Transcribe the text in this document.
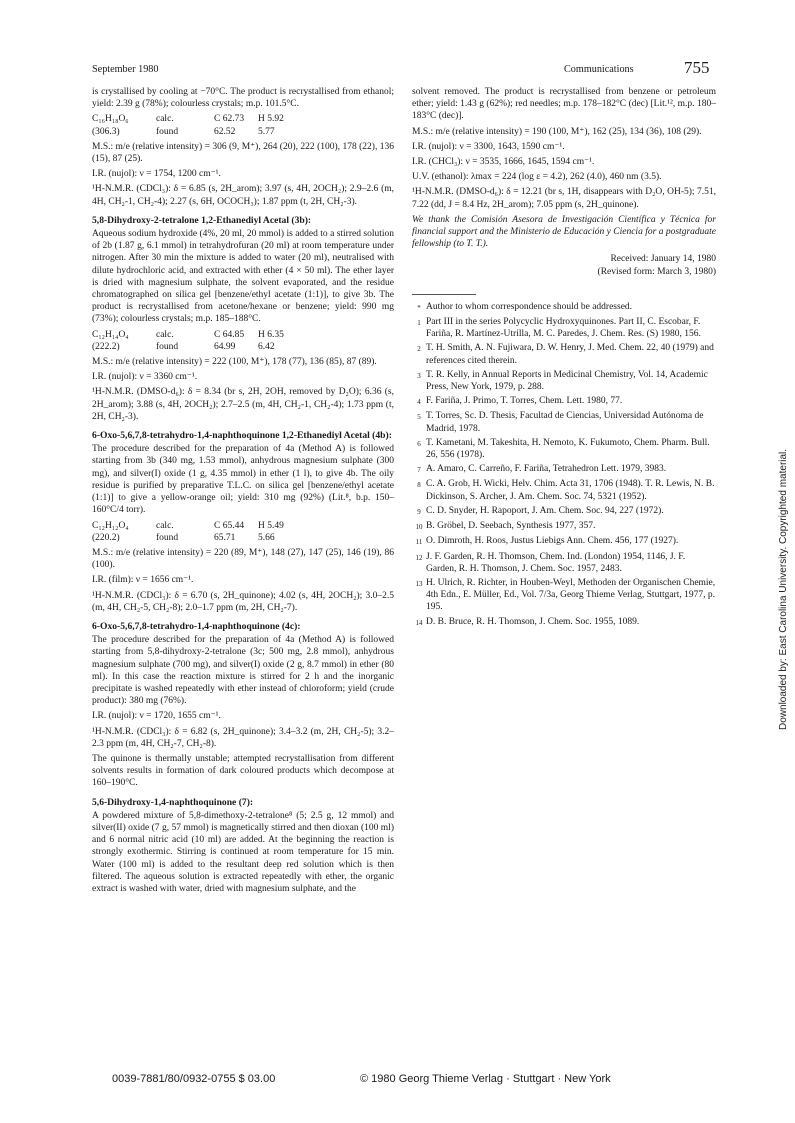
September 1980	Communications	755

is crystallised by cooling at −70°C. The product is recrystallised from ethanol; yield: 2.39 g (78%); colourless crystals; m.p. 101.5°C.

C₁₆H₁₈O₆	calc.	C 62.73	H 5.92
(306.3)	found	62.52	5.77

M.S.: m/e (relative intensity) = 306 (9, M⁺), 264 (20), 222 (100), 178 (22), 136 (15), 87 (25).

I.R. (nujol): ν = 1754, 1200 cm⁻¹.

¹H-N.M.R. (CDCl₃): δ = 6.85 (s, 2H_arom); 3.97 (s, 4H, 2OCH₂); 2.9–2.6 (m, 4H, CH₂-1, CH₂-4); 2.27 (s, 6H, OCOCH₃); 1.87 ppm (t, 2H, CH₂-3).

5,8-Dihydroxy-2-tetralone 1,2-Ethanediyl Acetal (3b):

Aqueous sodium hydroxide (4%, 20 ml, 20 mmol) is added to a stirred solution of 2b (1.87 g, 6.1 mmol) in tetrahydrofuran (20 ml) at room temperature under nitrogen. After 30 min the mixture is added to water (20 ml), neutralised with dilute hydrochloric acid, and extracted with ether (4 × 50 ml). The ether layer is dried with magnesium sulphate, the solvent evaporated, and the residue chromatographed on silica gel [benzene/ethyl acetate (1:1)], to give 3b. The product is recrystallised from acetone/hexane or benzene; yield: 990 mg (73%); colourless crystals; m.p. 185–188°C.

C₁₂H₁₄O₄	calc.	C 64.85	H 6.35
(222.2)	found	64.99	6.42

M.S.: m/e (relative intensity) = 222 (100, M⁺), 178 (77), 136 (85), 87 (89).

I.R. (nujol): ν = 3360 cm⁻¹.

¹H-N.M.R. (DMSO-d₆): δ = 8.34 (br s, 2H, 2OH, removed by D₂O); 6.36 (s, 2H_arom); 3.88 (s, 4H, 2OCH₂); 2.7–2.5 (m, 4H, CH₂-1, CH₂-4); 1.73 ppm (t, 2H, CH₂-3).

6-Oxo-5,6,7,8-tetrahydro-1,4-naphthoquinone 1,2-Ethanediyl Acetal (4b):

The procedure described for the preparation of 4a (Method A) is followed starting from 3b (340 mg, 1.53 mmol), anhydrous magnesium sulphate (300 mg), and silver(I) oxide (1 g, 4.35 mmol) in ether (1 l), to give 4b. The oily residue is purified by preparative T.L.C. on silica gel [benzene/ethyl acetate (1:1)] to give a yellow-orange oil; yield: 310 mg (92%) (Lit.⁸, b.p. 150–160°C/4 torr).

C₁₂H₁₂O₄	calc.	C 65.44	H 5.49
(220.2)	found	65.71	5.66

M.S.: m/e (relative intensity) = 220 (89, M⁺), 148 (27), 147 (25), 146 (19), 86 (100).

I.R. (film): ν = 1656 cm⁻¹.

¹H-N.M.R. (CDCl₃): δ = 6.70 (s, 2H_quinone); 4.02 (s, 4H, 2OCH₂); 3.0–2.5 (m, 4H, CH₂-5, CH₂-8); 2.0–1.7 ppm (m, 2H, CH₂-7).

6-Oxo-5,6,7,8-tetrahydro-1,4-naphthoquinone (4c):

The procedure described for the preparation of 4a (Method A) is followed starting from 5,8-dihydroxy-2-tetralone (3c; 500 mg, 2.8 mmol), anhydrous magnesium sulphate (700 mg), and silver(I) oxide (2 g, 8.7 mmol) in ether (80 ml). In this case the reaction mixture is stirred for 2 h and the inorganic precipitate is washed repeatedly with ether instead of chloroform; yield (crude product): 380 mg (76%).

I.R. (nujol): ν = 1720, 1655 cm⁻¹.

¹H-N.M.R. (CDCl₃): δ = 6.82 (s, 2H_quinone); 3.4–3.2 (m, 2H, CH₂-5); 3.2–2.3 ppm (m, 4H, CH₂-7, CH₂-8).

The quinone is thermally unstable; attempted recrystallisation from different solvents results in formation of dark coloured products which decompose at 160–190°C.

5,6-Dihydroxy-1,4-naphthoquinone (7):

A powdered mixture of 5,8-dimethoxy-2-tetralone⁸ (5; 2.5 g, 12 mmol) and silver(II) oxide (7 g, 57 mmol) is magnetically stirred and then dioxan (100 ml) and 6 normal nitric acid (10 ml) are added. At the beginning the reaction is strongly exothermic. Stirring is continued at room temperature for 15 min. Water (100 ml) is added to the resultant deep red solution which is then filtered. The aqueous solution is extracted repeatedly with ether, the organic extract is washed with water, dried with magnesium sulphate, and the

solvent removed. The product is recrystallised from benzene or petroleum ether; yield: 1.43 g (62%); red needles; m.p. 178–182°C (dec) [Lit.¹², m.p. 180–183°C (dec)].

M.S.: m/e (relative intensity) = 190 (100, M⁺), 162 (25), 134 (36), 108 (29).

I.R. (nujol): ν = 3300, 1643, 1590 cm⁻¹.

I.R. (CHCl₃): ν = 3535, 1666, 1645, 1594 cm⁻¹.

U.V. (ethanol): λmax = 224 (log ε = 4.2), 262 (4.0), 460 nm (3.5).

¹H-N.M.R. (DMSO-d₆): δ = 12.21 (br s, 1H, disappears with D₂O, OH-5); 7.51, 7.22 (dd, J = 8.4 Hz, 2H_arom); 7.05 ppm (s, 2H_quinone).

We thank the Comisión Asesora de Investigación Científica y Técnica for financial support and the Ministerio de Educación y Ciencia for a postgraduate fellowship (to T. T.).

Received: January 14, 1980

(Revised form: March 3, 1980)

* Author to whom correspondence should be addressed.
1 Part III in the series Polycyclic Hydroxyquinones. Part II, C. Escobar, F. Fariña, R. Martínez-Utrilla, M. C. Paredes, J. Chem. Res. (S) 1980, 156.
2 T. H. Smith, A. N. Fujiwara, D. W. Henry, J. Med. Chem. 22, 40 (1979) and references cited therein.
3 T. R. Kelly, in Annual Reports in Medicinal Chemistry, Vol. 14, Academic Press, New York, 1979, p. 288.
4 F. Fariña, J. Primo, T. Torres, Chem. Lett. 1980, 77.
5 T. Torres, Sc. D. Thesis, Facultad de Ciencias, Universidad Autónoma de Madrid, 1978.
6 T. Kametani, M. Takeshita, H. Nemoto, K. Fukumoto, Chem. Pharm. Bull. 26, 556 (1978).
7 A. Amaro, C. Carreño, F. Fariña, Tetrahedron Lett. 1979, 3983.
8 C. A. Grob, H. Wicki, Helv. Chim. Acta 31, 1706 (1948). T. R. Lewis, N. B. Dickinson, S. Archer, J. Am. Chem. Soc. 74, 5321 (1952).
9 C. D. Snyder, H. Rapoport, J. Am. Chem. Soc. 94, 227 (1972).
10 B. Gröbel, D. Seebach, Synthesis 1977, 357.
11 O. Dimroth, H. Roos, Justus Liebigs Ann. Chem. 456, 177 (1927).
12 J. F. Garden, R. H. Thomson, Chem. Ind. (London) 1954, 1146, J. F. Garden, R. H. Thomson, J. Chem. Soc. 1957, 2483.
13 H. Ulrich, R. Richter, in Houben-Weyl, Methoden der Organischen Chemie, 4th Edn., E. Müller, Ed., Vol. 7/3a, Georg Thieme Verlag, Stuttgart, 1977, p. 195.
14 D. B. Bruce, R. H. Thomson, J. Chem. Soc. 1955, 1089.
0039-7881/80/0932-0755 $ 03.00	© 1980 Georg Thieme Verlag · Stuttgart · New York
Downloaded by: East Carolina University. Copyrighted material.
